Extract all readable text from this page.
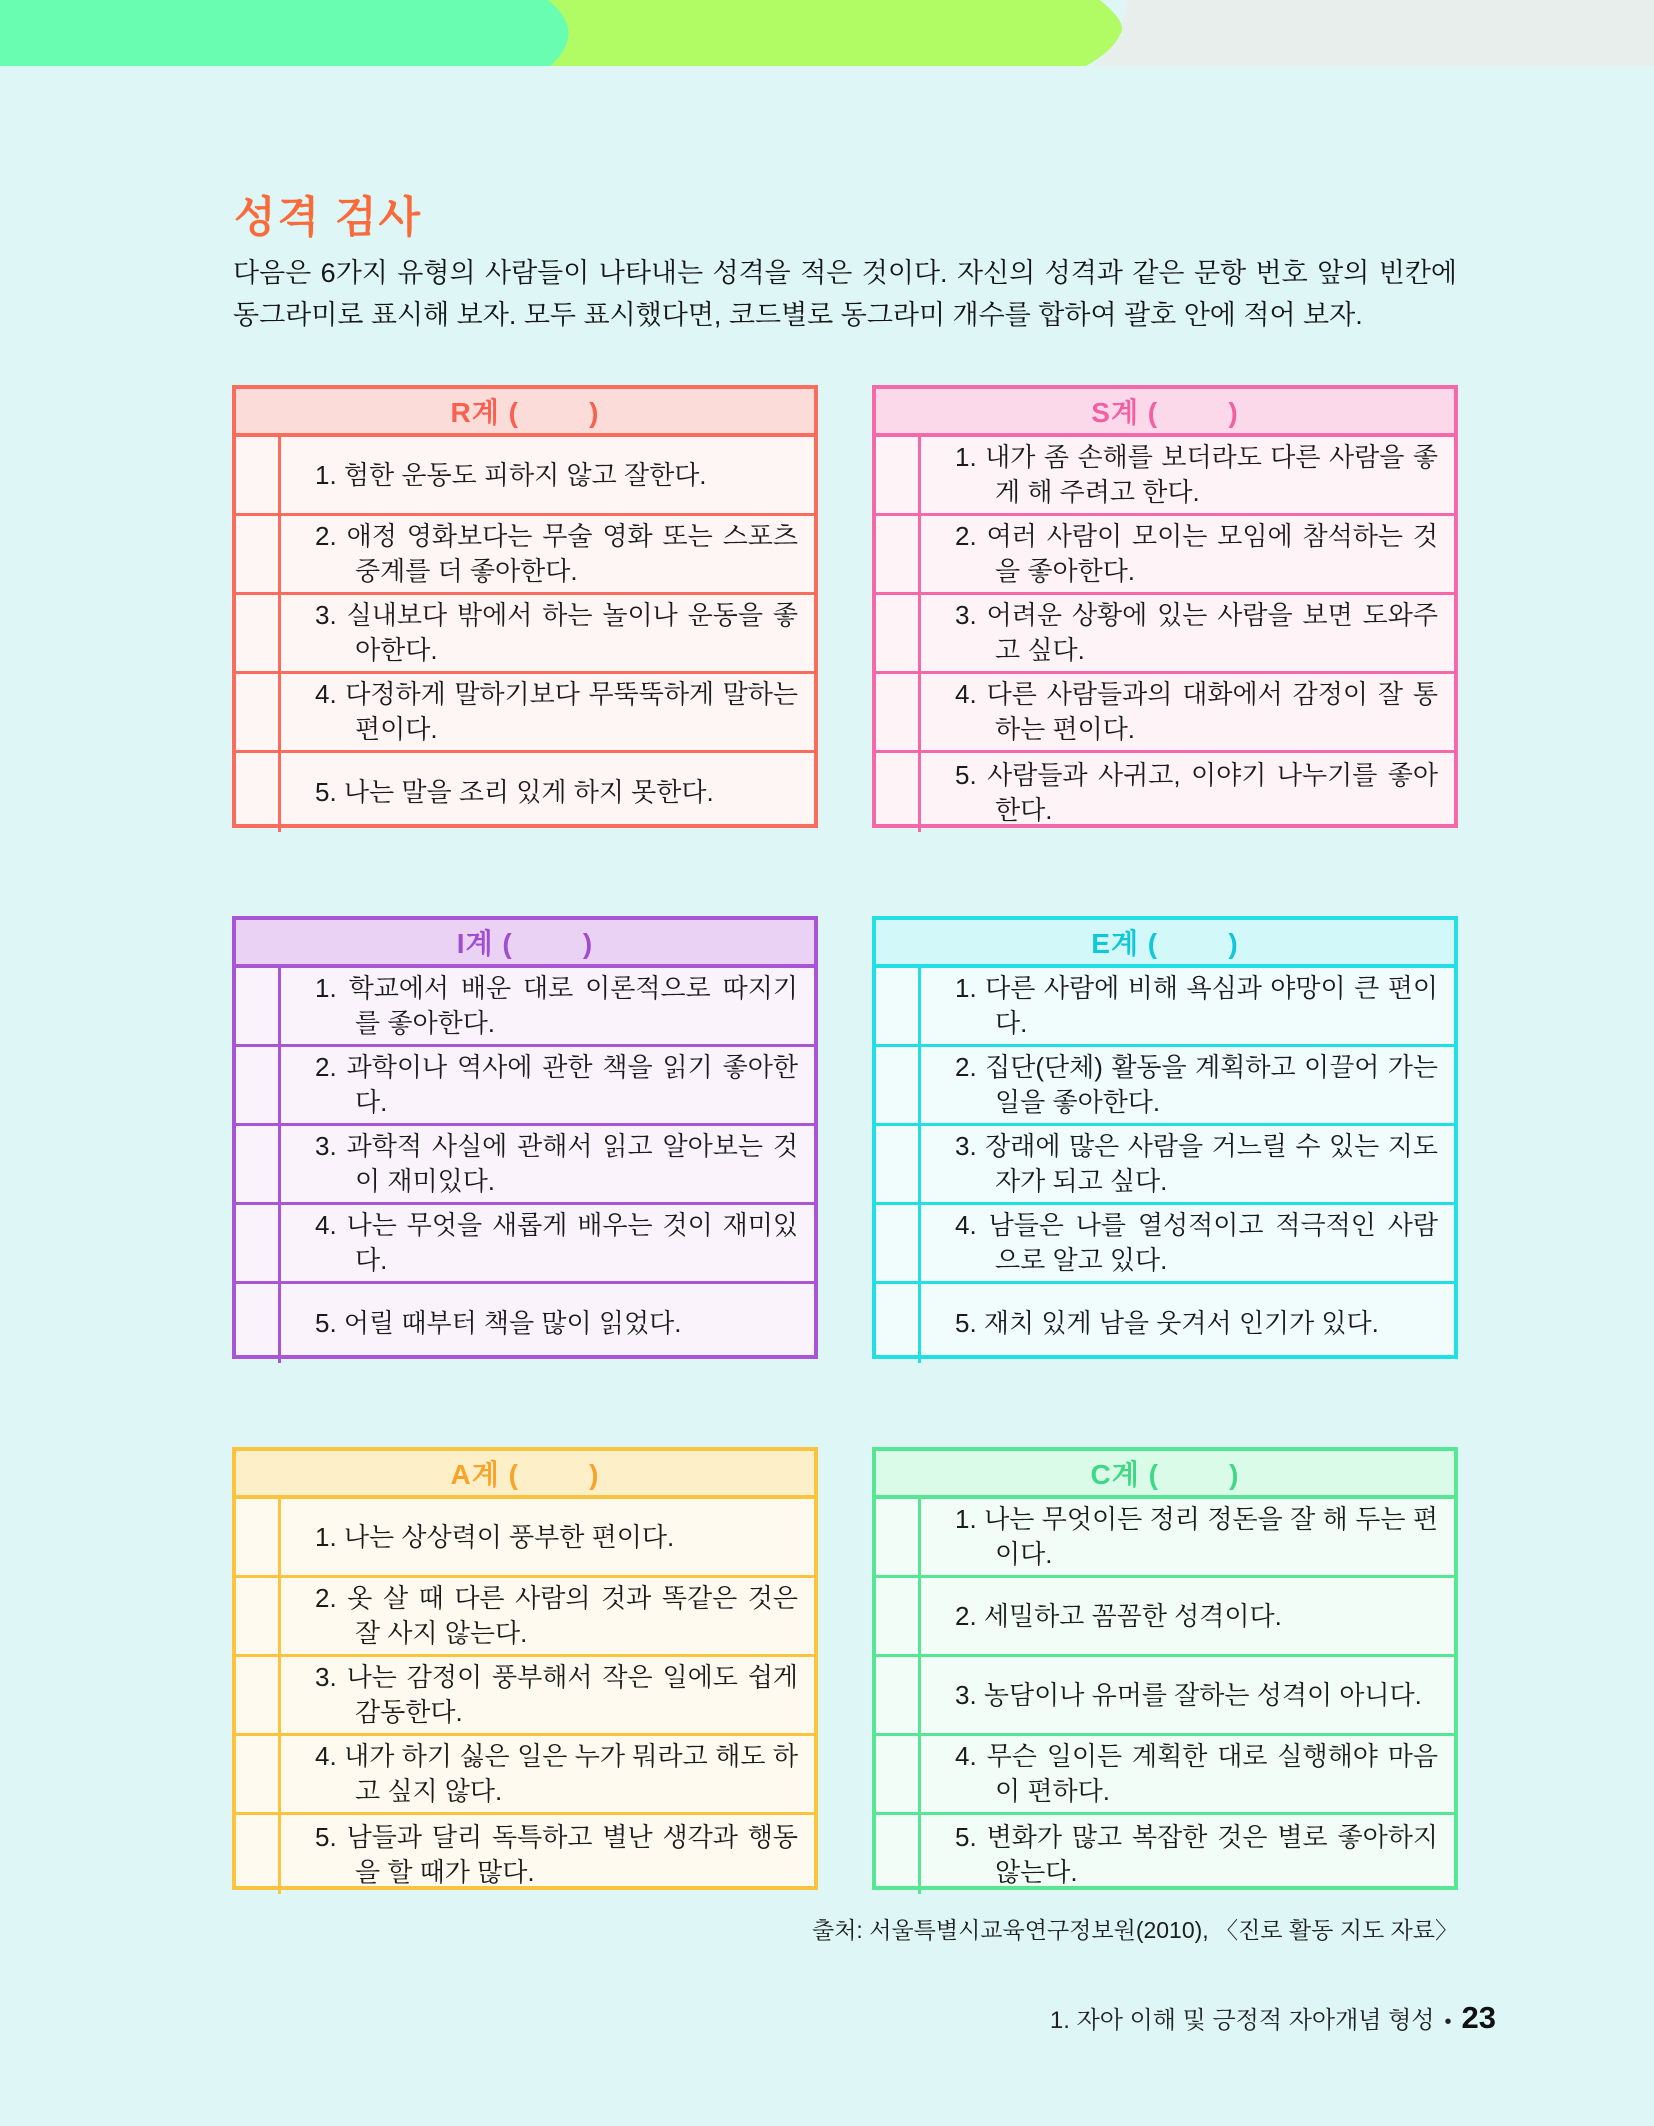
성격 검사
다음은 6가지 유형의 사람들이 나타내는 성격을 적은 것이다. 자신의 성격과 같은 문항 번호 앞의 빈칸에 동그라미로 표시해 보자. 모두 표시했다면, 코드별로 동그라미 개수를 합하여 괄호 안에 적어 보자.
R계 (        )
1. 험한 운동도 피하지 않고 잘한다.
2. 애정 영화보다는 무술 영화 또는 스포츠 중계를 더 좋아한다.
3. 실내보다 밖에서 하는 놀이나 운동을 좋아한다.
4. 다정하게 말하기보다 무뚝뚝하게 말하는 편이다.
5. 나는 말을 조리 있게 하지 못한다.
S계 (        )
1. 내가 좀 손해를 보더라도 다른 사람을 좋게 해 주려고 한다.
2. 여러 사람이 모이는 모임에 참석하는 것을 좋아한다.
3. 어려운 상황에 있는 사람을 보면 도와주고 싶다.
4. 다른 사람들과의 대화에서 감정이 잘 통하는 편이다.
5. 사람들과 사귀고, 이야기 나누기를 좋아한다.
I계 (        )
1. 학교에서 배운 대로 이론적으로 따지기를 좋아한다.
2. 과학이나 역사에 관한 책을 읽기 좋아한다.
3. 과학적 사실에 관해서 읽고 알아보는 것이 재미있다.
4. 나는 무엇을 새롭게 배우는 것이 재미있다.
5. 어릴 때부터 책을 많이 읽었다.
E계 (        )
1. 다른 사람에 비해 욕심과 야망이 큰 편이다.
2. 집단(단체) 활동을 계획하고 이끌어 가는 일을 좋아한다.
3. 장래에 많은 사람을 거느릴 수 있는 지도자가 되고 싶다.
4. 남들은 나를 열성적이고 적극적인 사람으로 알고 있다.
5. 재치 있게 남을 웃겨서 인기가 있다.
A계 (        )
1. 나는 상상력이 풍부한 편이다.
2. 옷 살 때 다른 사람의 것과 똑같은 것은 잘 사지 않는다.
3. 나는 감정이 풍부해서 작은 일에도 쉽게 감동한다.
4. 내가 하기 싫은 일은 누가 뭐라고 해도 하고 싶지 않다.
5. 남들과 달리 독특하고 별난 생각과 행동을 할 때가 많다.
C계 (        )
1. 나는 무엇이든 정리 정돈을 잘 해 두는 편이다.
2. 세밀하고 꼼꼼한 성격이다.
3. 농담이나 유머를 잘하는 성격이 아니다.
4. 무슨 일이든 계획한 대로 실행해야 마음이 편하다.
5. 변화가 많고 복잡한 것은 별로 좋아하지 않는다.
출처: 서울특별시교육연구정보원(2010), 〈진로 활동 지도 자료〉
1. 자아 이해 및 긍정적 자아개념 형성 • 23
